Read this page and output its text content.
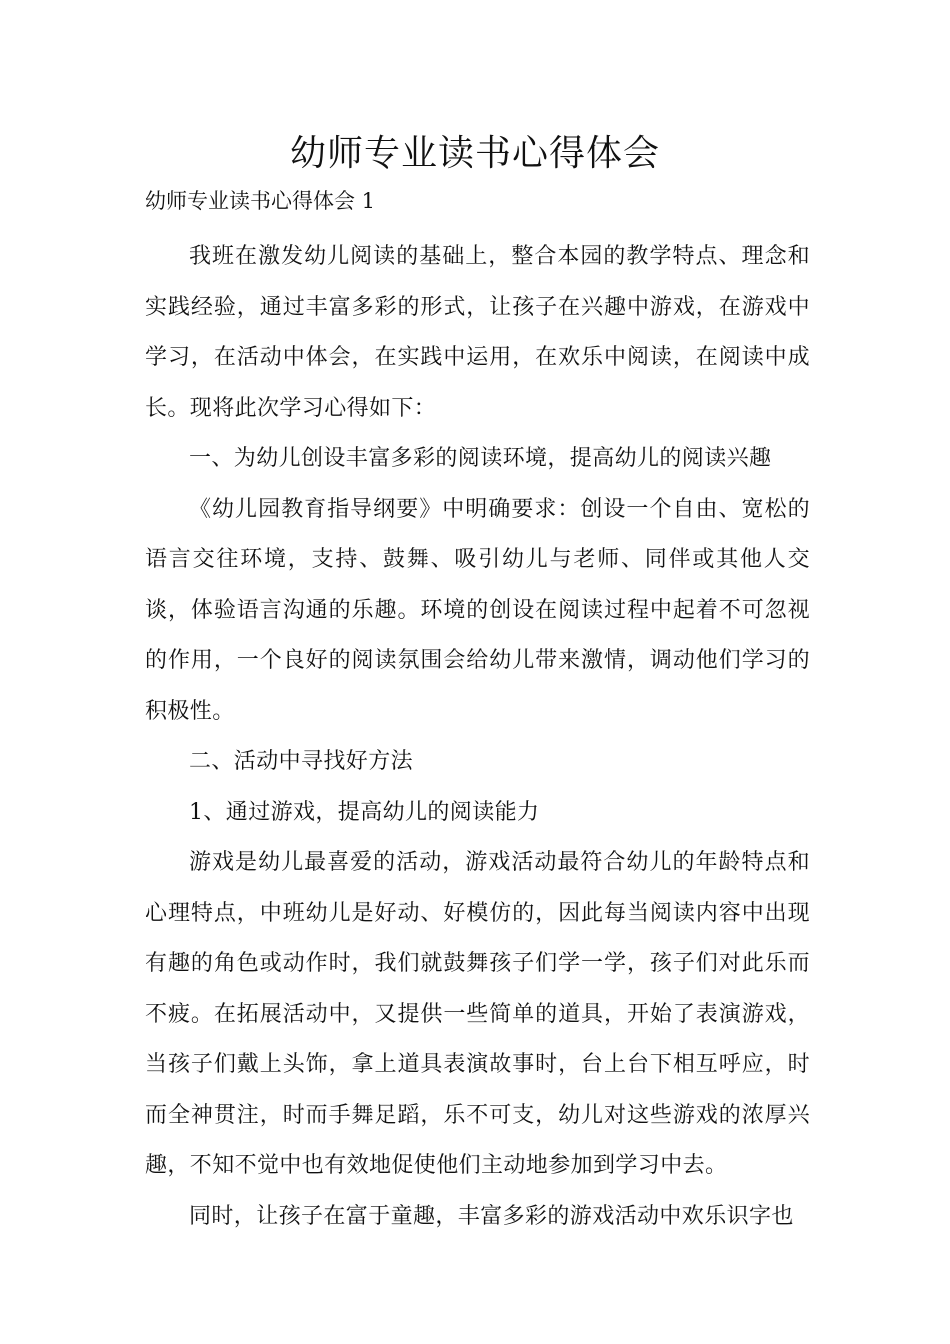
幼师专业读书心得体会

幼师专业读书心得体会 1

我班在激发幼儿阅读的基础上，整合本园的教学特点、理念和实践经验，通过丰富多彩的形式，让孩子在兴趣中游戏，在游戏中学习，在活动中体会，在实践中运用，在欢乐中阅读，在阅读中成长。现将此次学习心得如下：

一、为幼儿创设丰富多彩的阅读环境，提高幼儿的阅读兴趣

《幼儿园教育指导纲要》中明确要求：创设一个自由、宽松的语言交往环境，支持、鼓舞、吸引幼儿与老师、同伴或其他人交谈，体验语言沟通的乐趣。环境的创设在阅读过程中起着不可忽视的作用，一个良好的阅读氛围会给幼儿带来激情，调动他们学习的积极性。

二、活动中寻找好方法

1、通过游戏，提高幼儿的阅读能力

游戏是幼儿最喜爱的活动，游戏活动最符合幼儿的年龄特点和心理特点，中班幼儿是好动、好模仿的，因此每当阅读内容中出现有趣的角色或动作时，我们就鼓舞孩子们学一学，孩子们对此乐而不疲。在拓展活动中，又提供一些简单的道具，开始了表演游戏，当孩子们戴上头饰，拿上道具表演故事时，台上台下相互呼应，时而全神贯注，时而手舞足蹈，乐不可支，幼儿对这些游戏的浓厚兴趣，不知不觉中也有效地促使他们主动地参加到学习中去。

同时，让孩子在富于童趣，丰富多彩的游戏活动中欢乐识字也
